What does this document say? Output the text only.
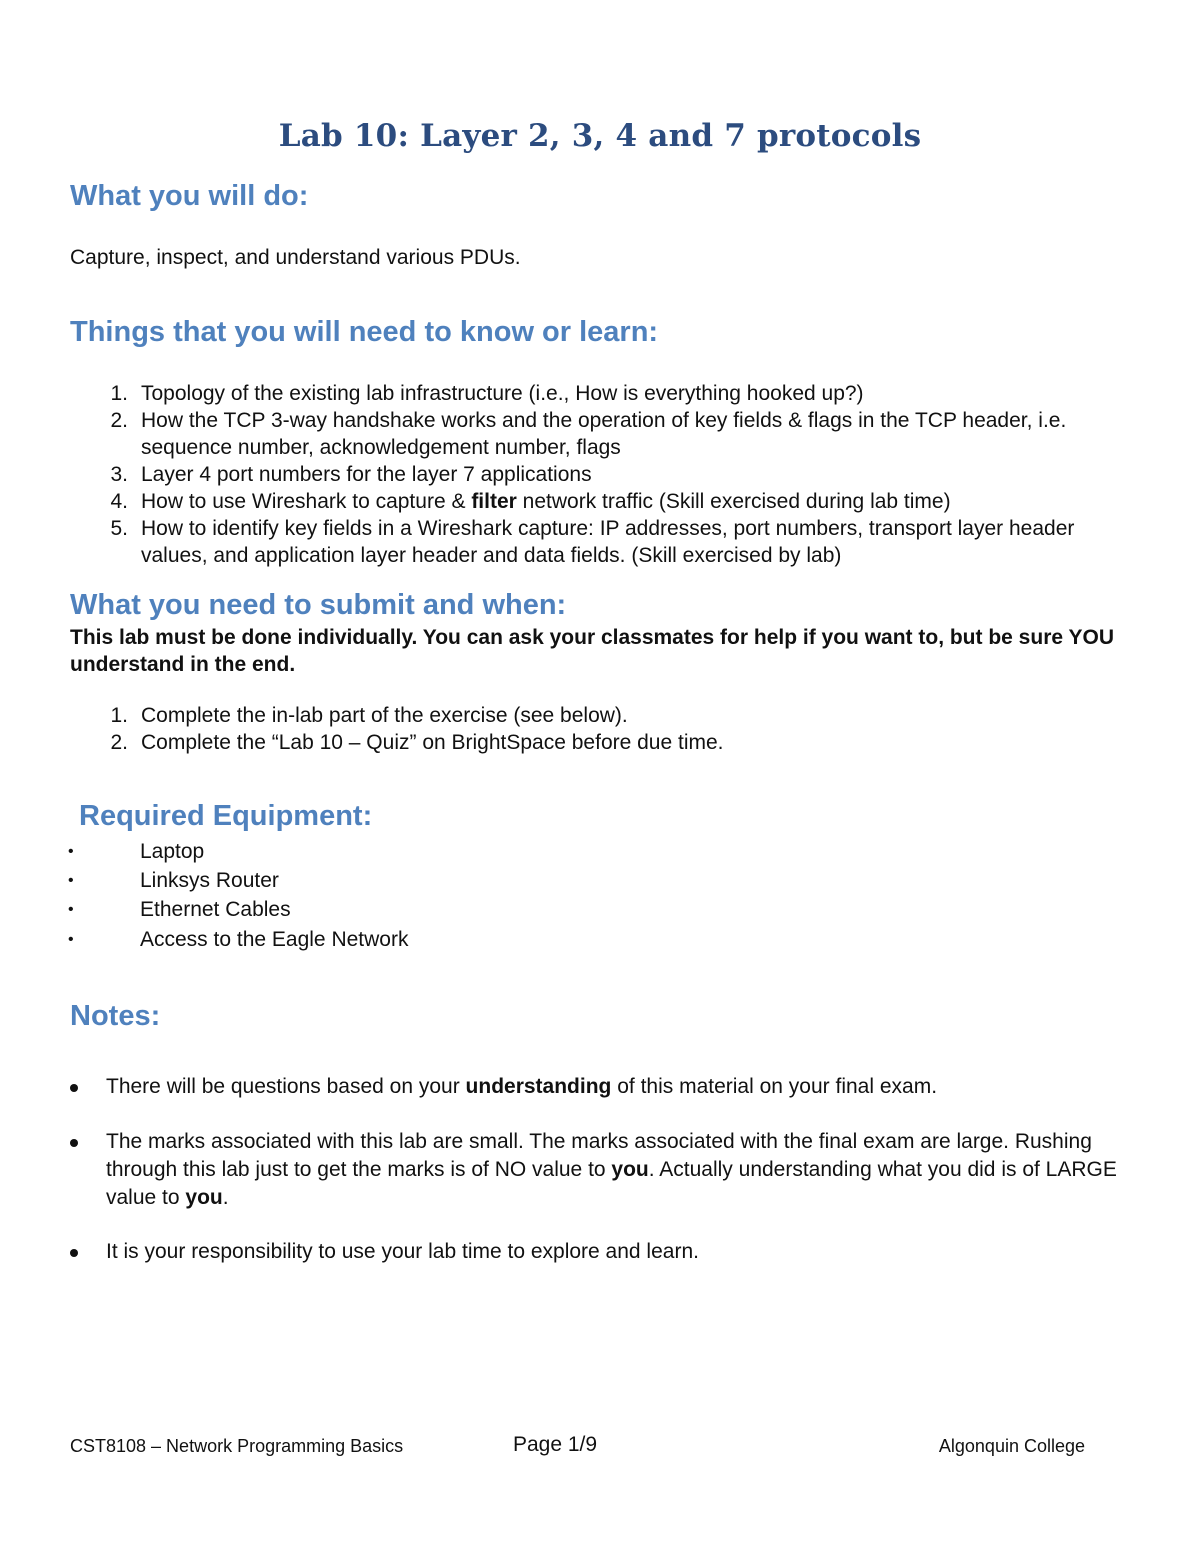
Lab 10: Layer 2, 3, 4 and 7 protocols
What you will do:
Capture, inspect, and understand various PDUs.
Things that you will need to know or learn:
1. Topology of the existing lab infrastructure (i.e., How is everything hooked up?)
2. How the TCP 3-way handshake works and the operation of key fields & flags in the TCP header, i.e. sequence number, acknowledgement number, flags
3. Layer 4 port numbers for the layer 7 applications
4. How to use Wireshark to capture & filter network traffic (Skill exercised during lab time)
5. How to identify key fields in a Wireshark capture: IP addresses, port numbers, transport layer header values, and application layer header and data fields. (Skill exercised by lab)
What you need to submit and when:
This lab must be done individually. You can ask your classmates for help if you want to, but be sure YOU understand in the end.
1. Complete the in-lab part of the exercise (see below).
2. Complete the “Lab 10 – Quiz” on BrightSpace before due time.
Required Equipment:
•	Laptop
•	Linksys Router
•	Ethernet Cables
•	Access to the Eagle Network
Notes:
There will be questions based on your understanding of this material on your final exam.
The marks associated with this lab are small. The marks associated with the final exam are large. Rushing through this lab just to get the marks is of NO value to you. Actually understanding what you did is of LARGE value to you.
It is your responsibility to use your lab time to explore and learn.
CST8108 – Network Programming Basics	Page 1/9	Algonquin College
